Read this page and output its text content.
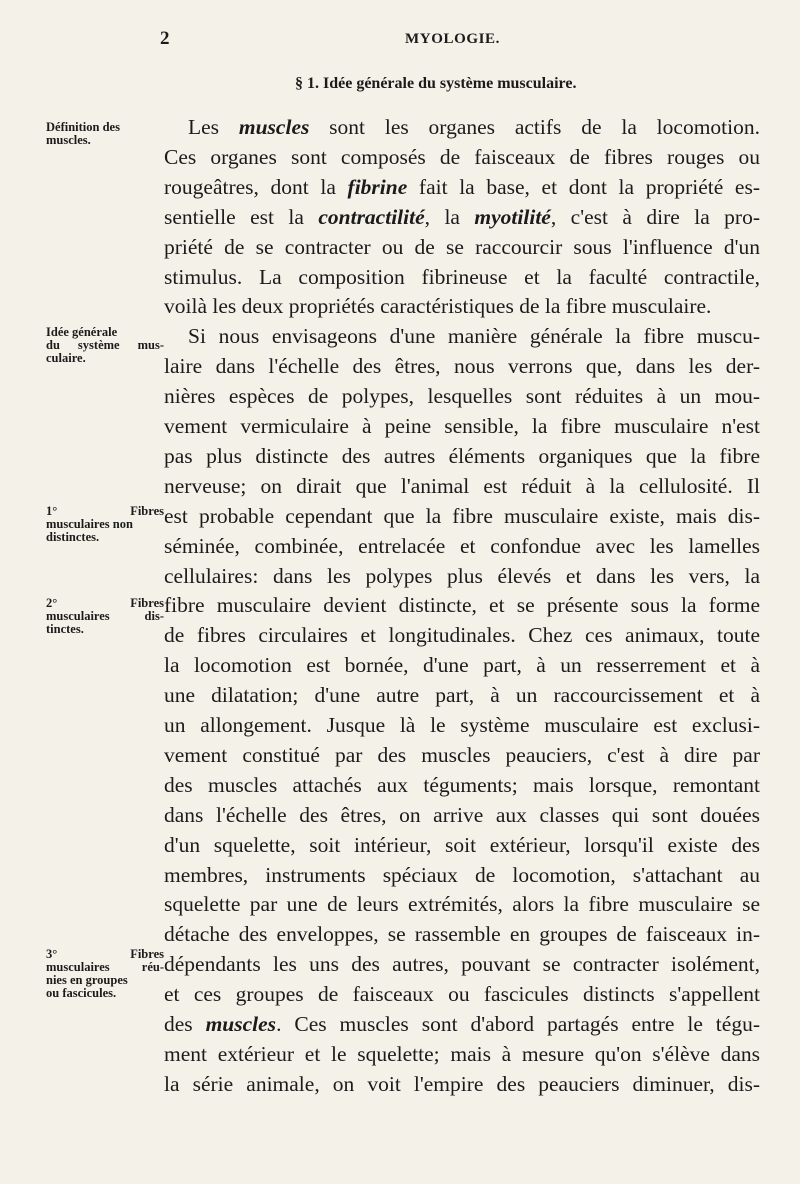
2	MYOLOGIE.
§ 1. Idée générale du système musculaire.
Définition des
muscles.
Idée générale
du système mus-
culaire.
1° Fibres
musculaires non
distinctes.
2° Fibres
musculaires dis-
tinctes.
3° Fibres
musculaires réu-
nies en groupes
ou fascicules.
Les muscles sont les organes actifs de la locomotion.
Ces organes sont composés de faisceaux de fibres rouges ou
rougeâtres, dont la fibrine fait la base, et dont la propriété es-
sentielle est la contractilité, la myotilité, c'est à dire la pro-
priété de se contracter ou de se raccourcir sous l'influence d'un
stimulus. La composition fibrineuse et la faculté contractile,
voilà les deux propriétés caractéristiques de la fibre musculaire.
Si nous envisageons d'une manière générale la fibre muscu-
laire dans l'échelle des êtres, nous verrons que, dans les der-
nières espèces de polypes, lesquelles sont réduites à un mou-
vement vermiculaire à peine sensible, la fibre musculaire n'est
pas plus distincte des autres éléments organiques que la fibre
nerveuse; on dirait que l'animal est réduit à la cellulosité. Il
est probable cependant que la fibre musculaire existe, mais dis-
séminée, combinée, entrelacée et confondue avec les lamelles
cellulaires: dans les polypes plus élevés et dans les vers, la
fibre musculaire devient distincte, et se présente sous la forme
de fibres circulaires et longitudinales. Chez ces animaux, toute
la locomotion est bornée, d'une part, à un resserrement et à
une dilatation; d'une autre part, à un raccourcissement et à
un allongement. Jusque là le système musculaire est exclusi-
vement constitué par des muscles peauciers, c'est à dire par
des muscles attachés aux téguments; mais lorsque, remontant
dans l'échelle des êtres, on arrive aux classes qui sont douées
d'un squelette, soit intérieur, soit extérieur, lorsqu'il existe des
membres, instruments spéciaux de locomotion, s'attachant au
squelette par une de leurs extrémités, alors la fibre musculaire se
détache des enveloppes, se rassemble en groupes de faisceaux in-
dépendants les uns des autres, pouvant se contracter isolément,
et ces groupes de faisceaux ou fascicules distincts s'appellent
des muscles. Ces muscles sont d'abord partagés entre le tégu-
ment extérieur et le squelette; mais à mesure qu'on s'élève dans
la série animale, on voit l'empire des peauciers diminuer, dis-
